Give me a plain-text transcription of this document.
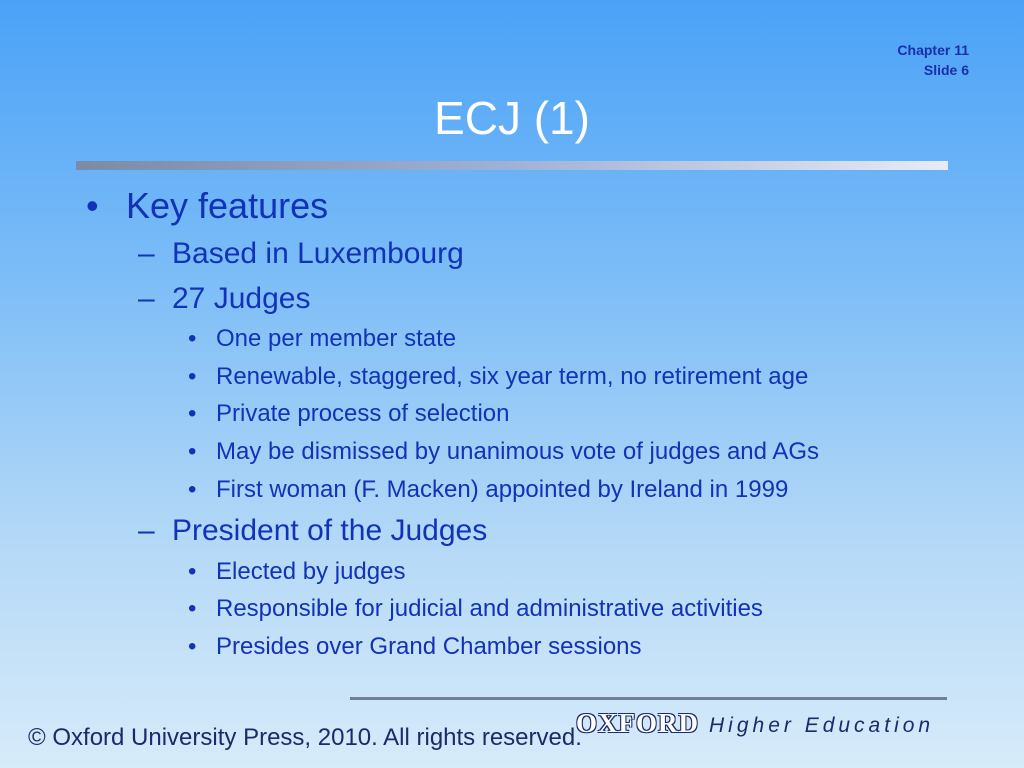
Chapter 11
Slide 6
ECJ (1)
• Key features
– Based in Luxembourg
– 27 Judges
• One per member state
• Renewable, staggered, six year term, no retirement age
• Private process of selection
• May be dismissed by unanimous vote of judges and AGs
• First woman (F. Macken) appointed by Ireland in 1999
– President of the Judges
• Elected by judges
• Responsible for judicial and administrative activities
• Presides over Grand Chamber sessions
© Oxford University Press, 2010. All rights reserved.
OXFORD Higher Education
